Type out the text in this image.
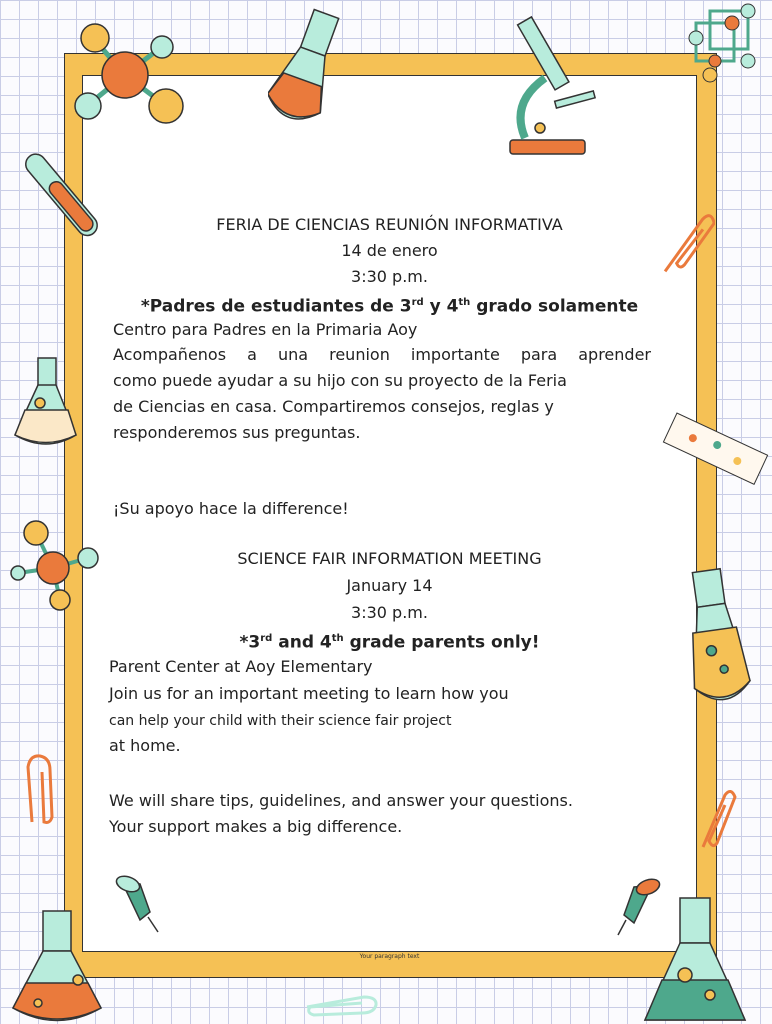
FERIA DE CIENCIAS REUNIÓN INFORMATIVA
14 de enero
3:30 p.m.
*Padres de estudiantes de 3rd y 4th grado solamente
Centro para Padres en la Primaria Aoy
Acompañenos a una reunion importante para aprender
como puede ayudar a su hijo con su proyecto de la Feria
de Ciencias en casa. Compartiremos consejos, reglas y
responderemos sus preguntas.
¡Su apoyo hace la difference!
SCIENCE FAIR INFORMATION MEETING
January 14
3:30 p.m.
*3rd and 4th grade parents only!
Parent Center at Aoy Elementary
Join us for an important meeting to learn how you
can help your child with their science fair project
at home.
We will share tips, guidelines, and answer your questions.
Your support makes a big difference.
Your paragraph text
